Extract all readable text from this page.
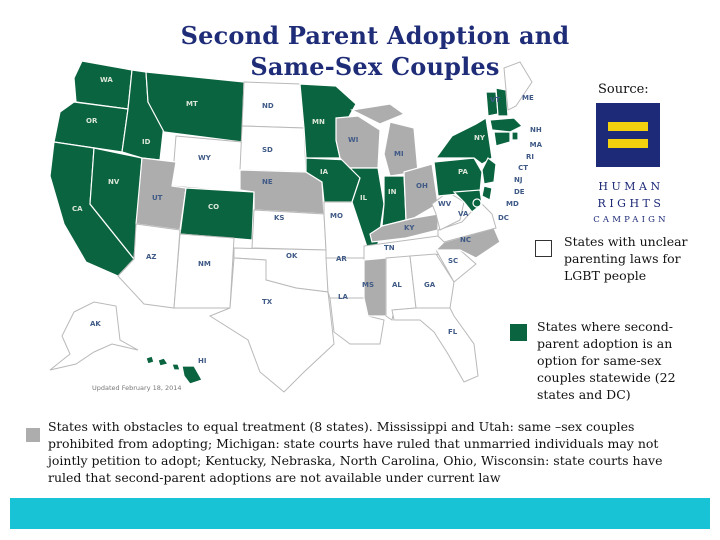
Second Parent Adoption and
Same-Sex Couples
Source:
HUMAN
RIGHTS
CAMPAIGN
WA
OR
CA
NV
ID
MT
WY
UT
CO
AZ
NM
ND
SD
NE
KS
OK
TX
MN
IA
MO
AR
LA
WI
IL
MI
IN
OH
KY
TN
MS	AL	GA
FL
SC
NC
VA
WV
PA
NY
VT
NH
ME
MA
RI
CT
NJ
DE
MD
DC
AK
HI
Updated February 18, 2014
States with unclear parenting laws for LGBT people
States where second-parent adoption is an option for same-sex couples statewide (22 states and DC)
States with obstacles to equal treatment (8 states). Mississippi and Utah: same –sex couples prohibited from adopting; Michigan: state courts have ruled that unmarried individuals may not jointly petition to adopt; Kentucky, Nebraska, North Carolina, Ohio, Wisconsin: state courts have ruled that second-parent adoptions are not available under current law
